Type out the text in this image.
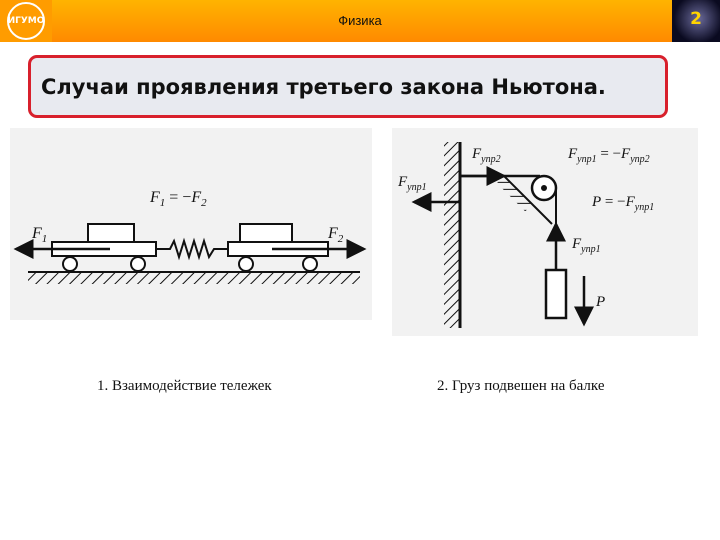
ИГУМО	Физика	2
Случаи проявления третьего закона Ньютона.
$F_1 = -F_2$
$F_1$	$F_2$
$F_{упр2}$
$F_{упр1}$
$F_{упр1} = -F_{упр2}$
$P = -F_{упр1}$
$F_{упр1}$
P
1. Взаимодействие тележек	2. Груз подвешен на балке
